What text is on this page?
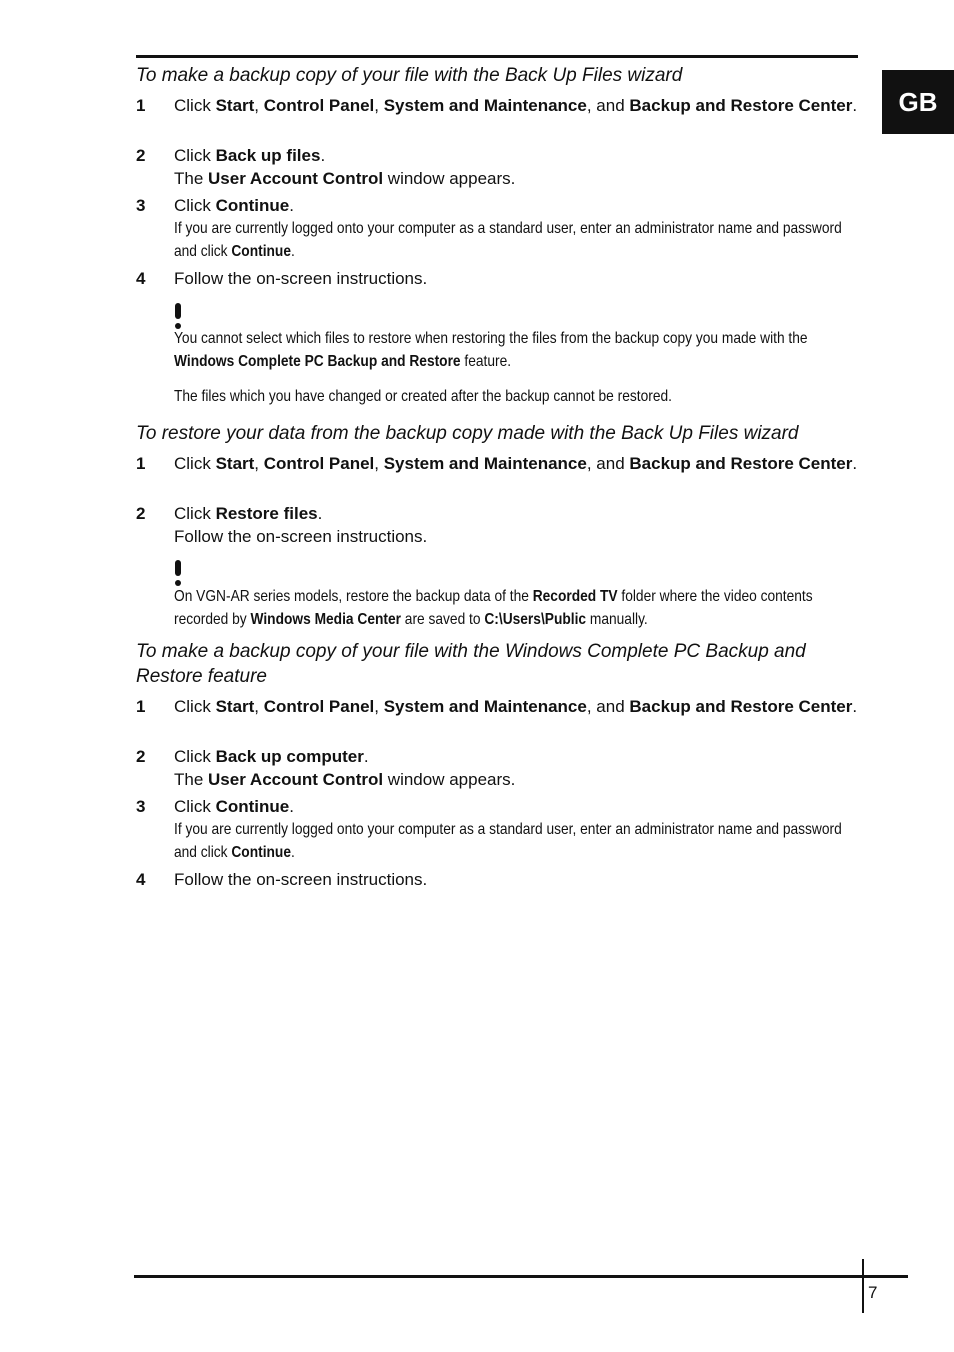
GB
To make a backup copy of your file with the Back Up Files wizard
1	Click Start, Control Panel, System and Maintenance, and Backup and Restore Center.
2	Click Back up files.
The User Account Control window appears.
3	Click Continue.
If you are currently logged onto your computer as a standard user, enter an administrator name and password and click Continue.
4	Follow the on-screen instructions.
You cannot select which files to restore when restoring the files from the backup copy you made with the Windows Complete PC Backup and Restore feature.
The files which you have changed or created after the backup cannot be restored.
To restore your data from the backup copy made with the Back Up Files wizard
1	Click Start, Control Panel, System and Maintenance, and Backup and Restore Center.
2	Click Restore files.
Follow the on-screen instructions.
On VGN-AR series models, restore the backup data of the Recorded TV folder where the video contents recorded by Windows Media Center are saved to C:\Users\Public manually.
To make a backup copy of your file with the Windows Complete PC Backup and Restore feature
1	Click Start, Control Panel, System and Maintenance, and Backup and Restore Center.
2	Click Back up computer.
The User Account Control window appears.
3	Click Continue.
If you are currently logged onto your computer as a standard user, enter an administrator name and password and click Continue.
4	Follow the on-screen instructions.
7
